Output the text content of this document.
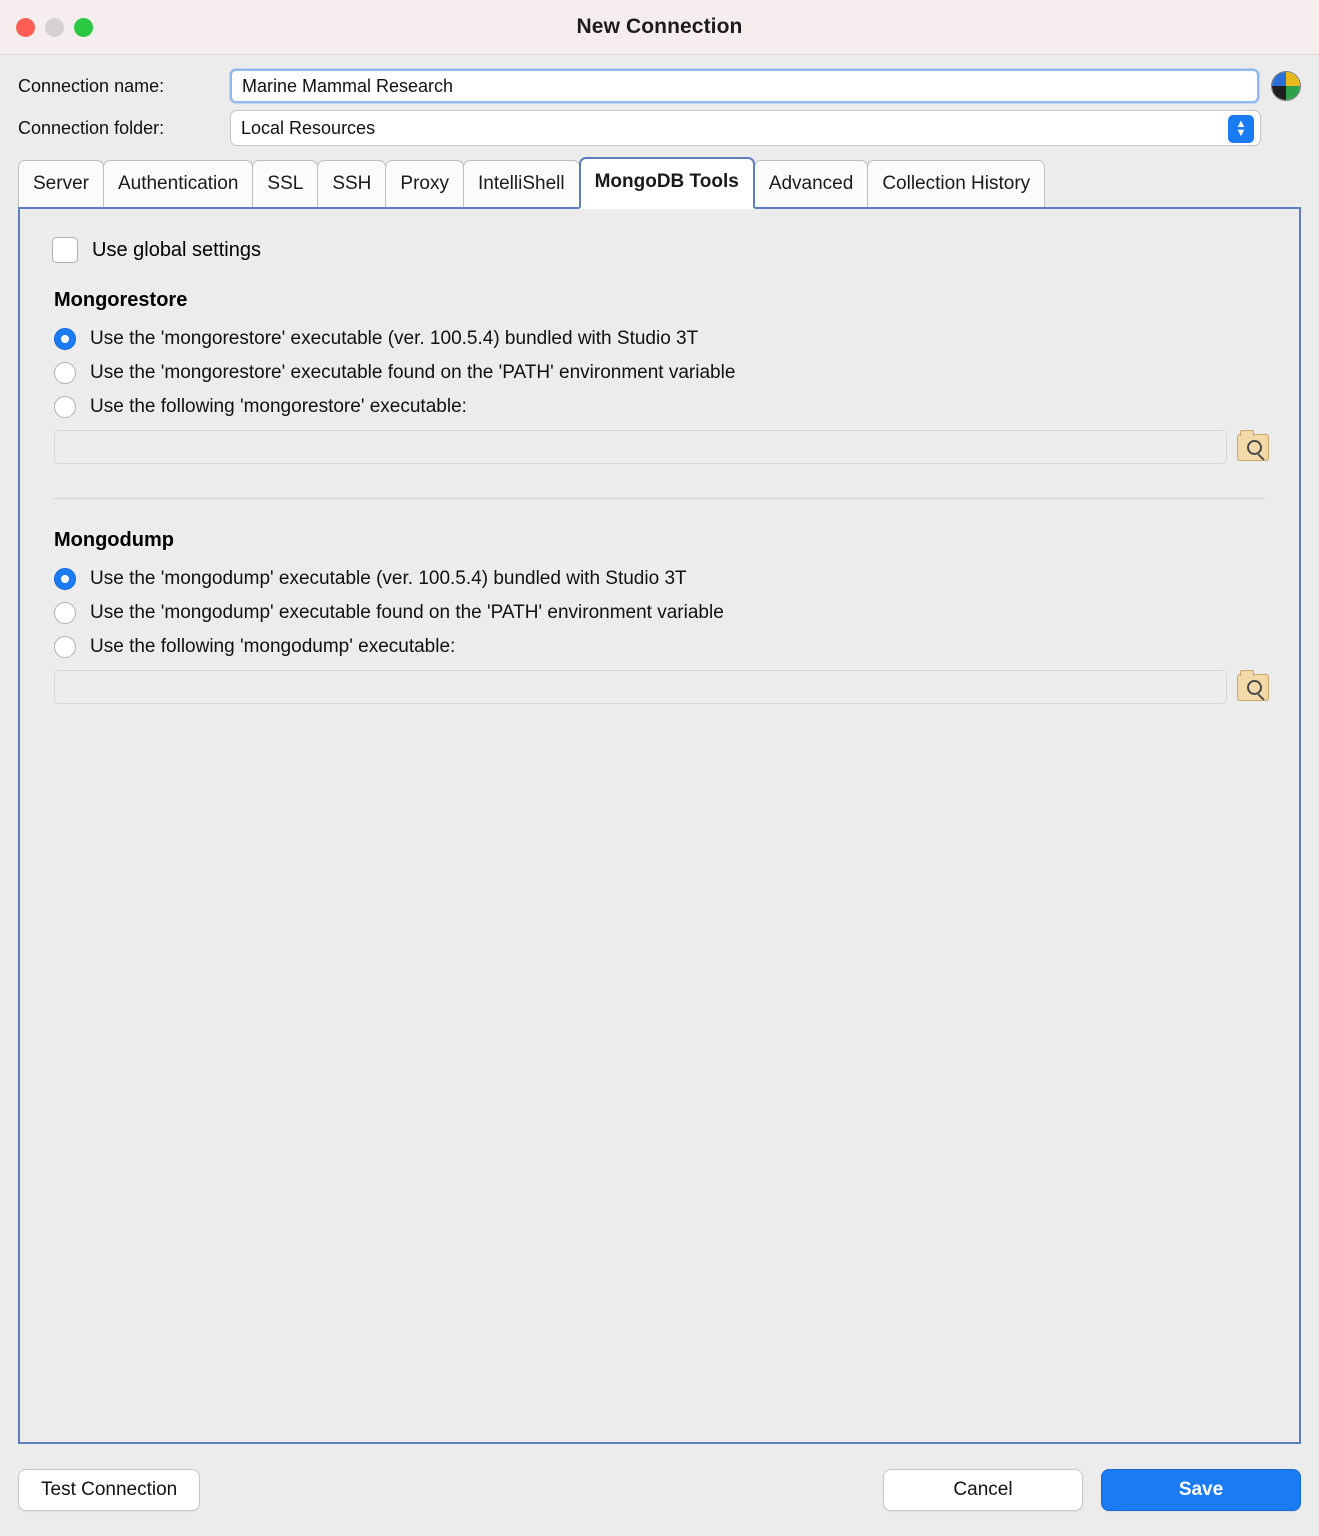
New Connection
Connection name:
Marine Mammal Research
Connection folder:	Local Resources	▲
▼
Server	Authentication	SSL	SSH	Proxy	IntelliShell	MongoDB Tools	Advanced	Collection History
Use global settings
Mongorestore
Use the 'mongorestore' executable (ver. 100.5.4) bundled with Studio 3T
Use the 'mongorestore' executable found on the 'PATH' environment variable
Use the following 'mongorestore' executable:
Mongodump
Use the 'mongodump' executable (ver. 100.5.4) bundled with Studio 3T
Use the 'mongodump' executable found on the 'PATH' environment variable
Use the following 'mongodump' executable:
Test Connection	Cancel	Save
